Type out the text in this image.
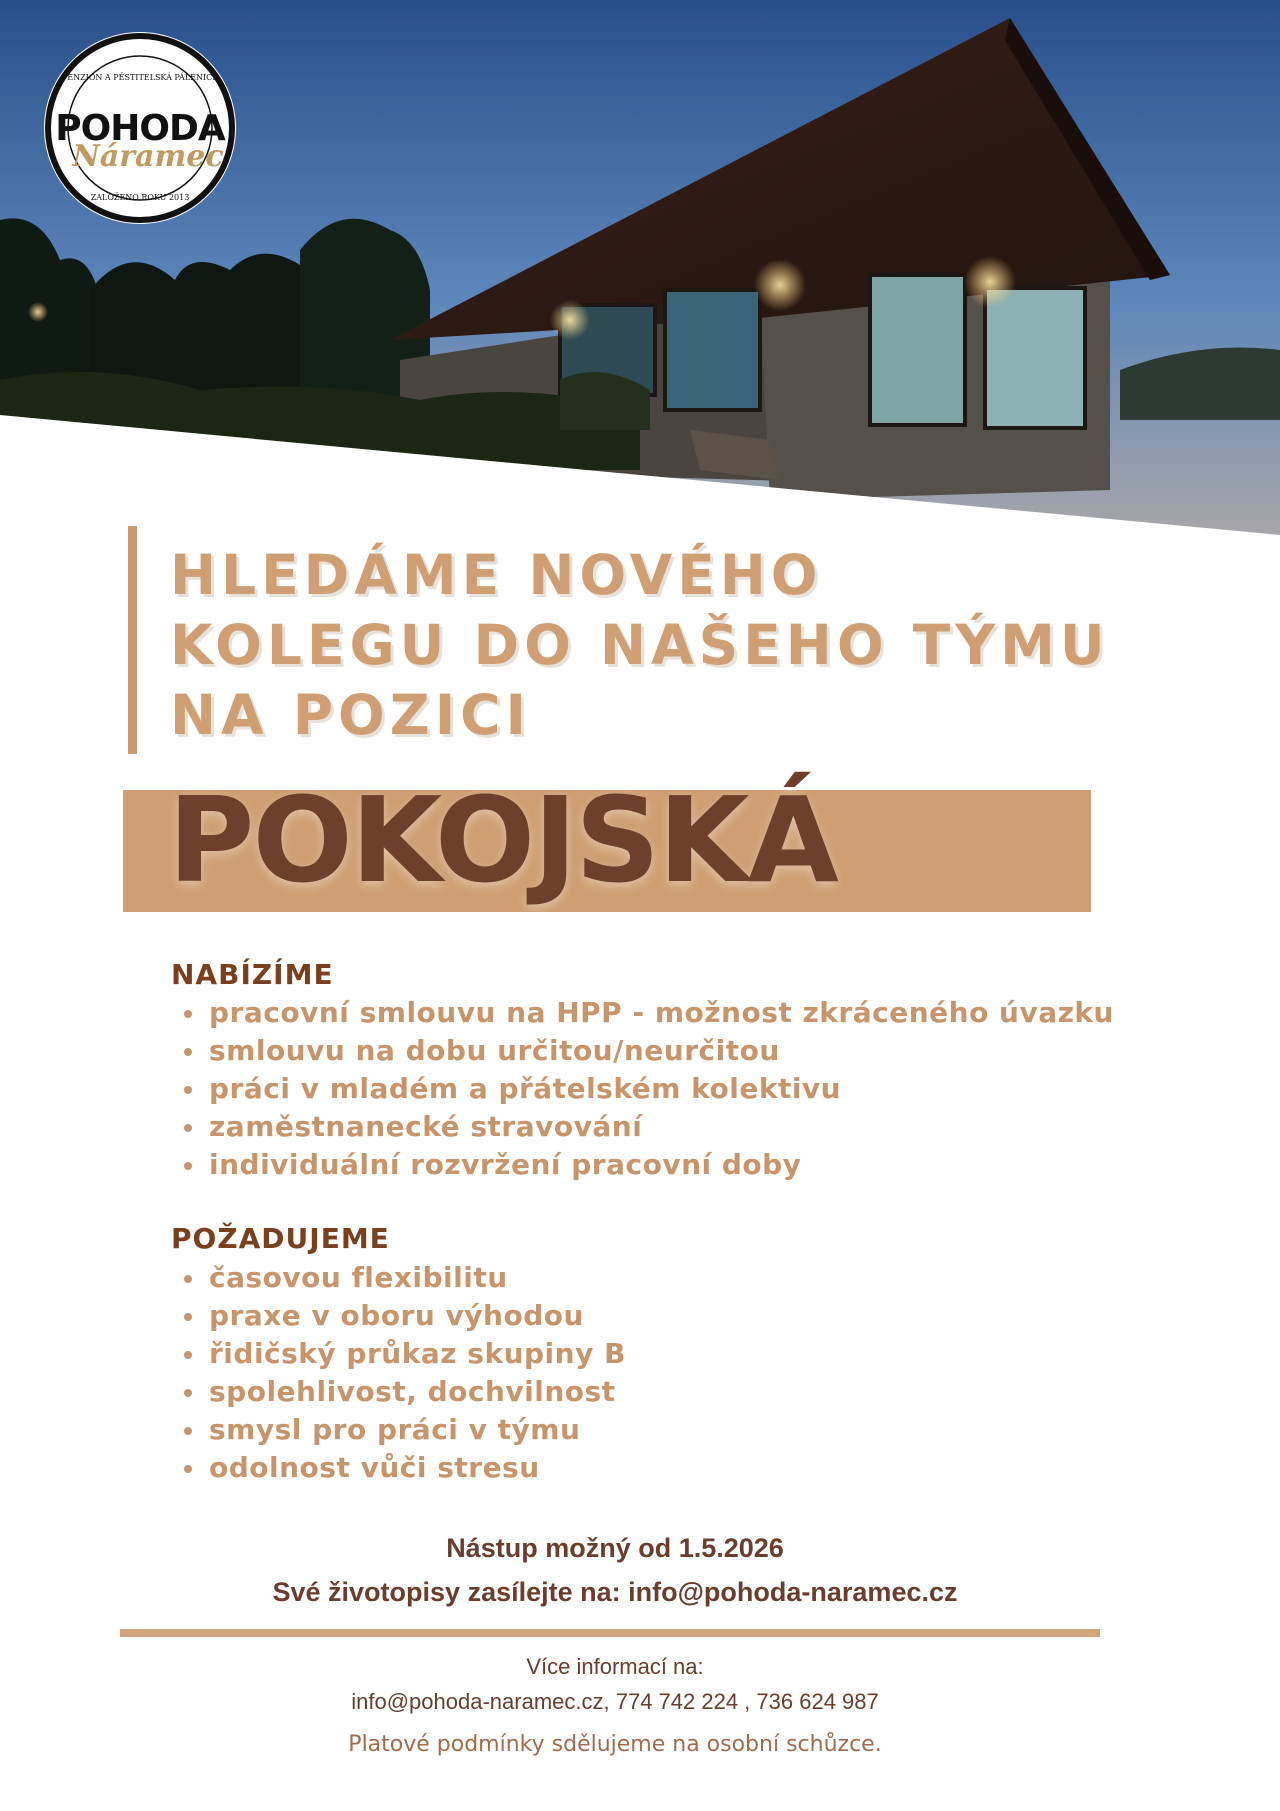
PENZION A PĚSTITELSKÁ PÁLENICE
POHODA
Náramec
ZALOŽENO ROKU 2013
HLEDÁME NOVÉHO
KOLEGU DO NAŠEHO TÝMU
NA POZICI
POKOJSKÁ
NABÍZÍME
pracovní smlouvu na HPP - možnost zkráceného úvazku
smlouvu na dobu určitou/neurčitou
práci v mladém a přátelském kolektivu
zaměstnanecké stravování
individuální rozvržení pracovní doby
POŽADUJEME
časovou flexibilitu
praxe v oboru výhodou
řidičský průkaz skupiny B
spolehlivost, dochvilnost
smysl pro práci v týmu
odolnost vůči stresu
Nástup možný od 1.5.2026
Své životopisy zasílejte na: info@pohoda-naramec.cz
Více informací na:
info@pohoda-naramec.cz, 774 742 224 , 736 624 987
Platové podmínky sdělujeme na osobní schůzce.
